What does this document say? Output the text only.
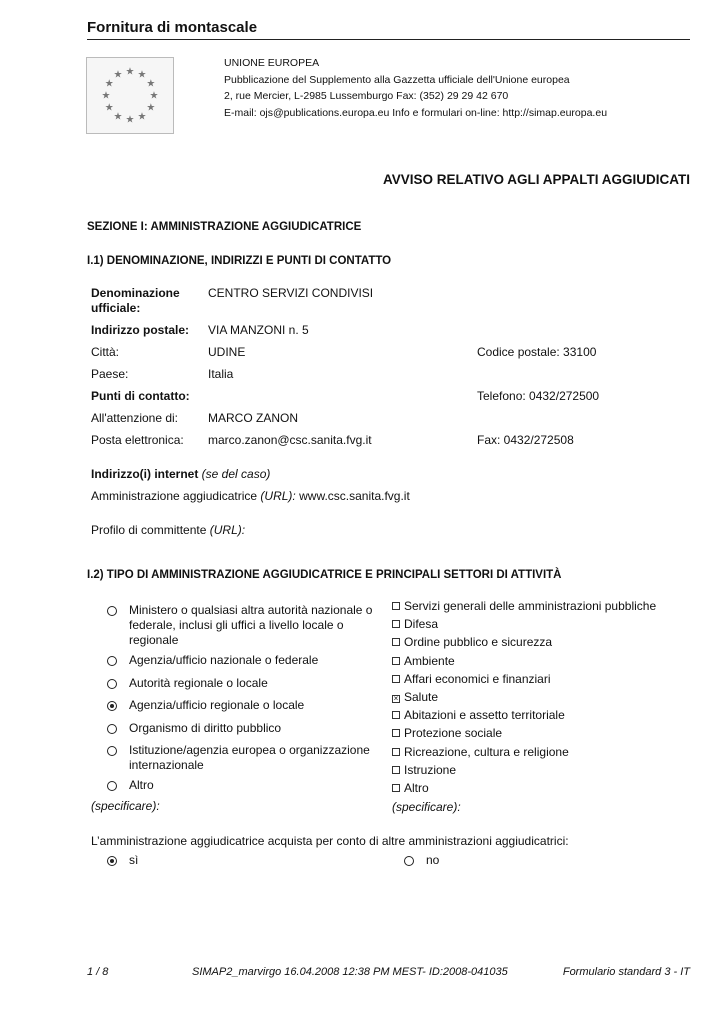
Fornitura di montascale
★ ★
★
★
★
★
★
★
★
★
★
★
UNIONE EUROPEA
Pubblicazione del Supplemento alla Gazzetta ufficiale dell'Unione europea
2, rue Mercier, L-2985 Lussemburgo Fax: (352) 29 29 42 670
E-mail: ojs@publications.europa.eu Info e formulari on-line: http://simap.europa.eu
AVVISO RELATIVO AGLI APPALTI AGGIUDICATI
SEZIONE I: AMMINISTRAZIONE AGGIUDICATRICE
I.1) DENOMINAZIONE, INDIRIZZI E PUNTI DI CONTATTO
Denominazione
ufficiale:
CENTRO SERVIZI CONDIVISI
Indirizzo postale: VIA MANZONI n. 5
Città:	UDINE	Codice postale: 33100
Paese:	Italia
Punti di contatto:	Telefono: 0432/272500
All'attenzione di: MARCO ZANON
Posta elettronica: marco.zanon@csc.sanita.fvg.it	Fax: 0432/272508
Indirizzo(i) internet (se del caso)
Amministrazione aggiudicatrice (URL): www.csc.sanita.fvg.it
Profilo di committente (URL):
I.2) TIPO DI AMMINISTRAZIONE AGGIUDICATRICE E PRINCIPALI SETTORI DI ATTIVITÀ
Ministero o qualsiasi altra autorità nazionale o federale, inclusi gli uffici a livello locale o regionale
Agenzia/ufficio nazionale o federale
Autorità regionale o locale
Agenzia/ufficio regionale o locale
Organismo di diritto pubblico
Istituzione/agenzia europea o organizzazione internazionale
Altro
(specificare):
Servizi generali delle amministrazioni pubbliche
Difesa
Ordine pubblico e sicurezza
Ambiente
Affari economici e finanziari
× Salute
Abitazioni e assetto territoriale
Protezione sociale
Ricreazione, cultura e religione
Istruzione
Altro
(specificare):
L’amministrazione aggiudicatrice acquista per conto di altre amministrazioni aggiudicatrici:
sì	no
1 / 8	SIMAP2_marvirgo 16.04.2008 12:38 PM MEST- ID:2008-041035	Formulario standard 3 - IT
